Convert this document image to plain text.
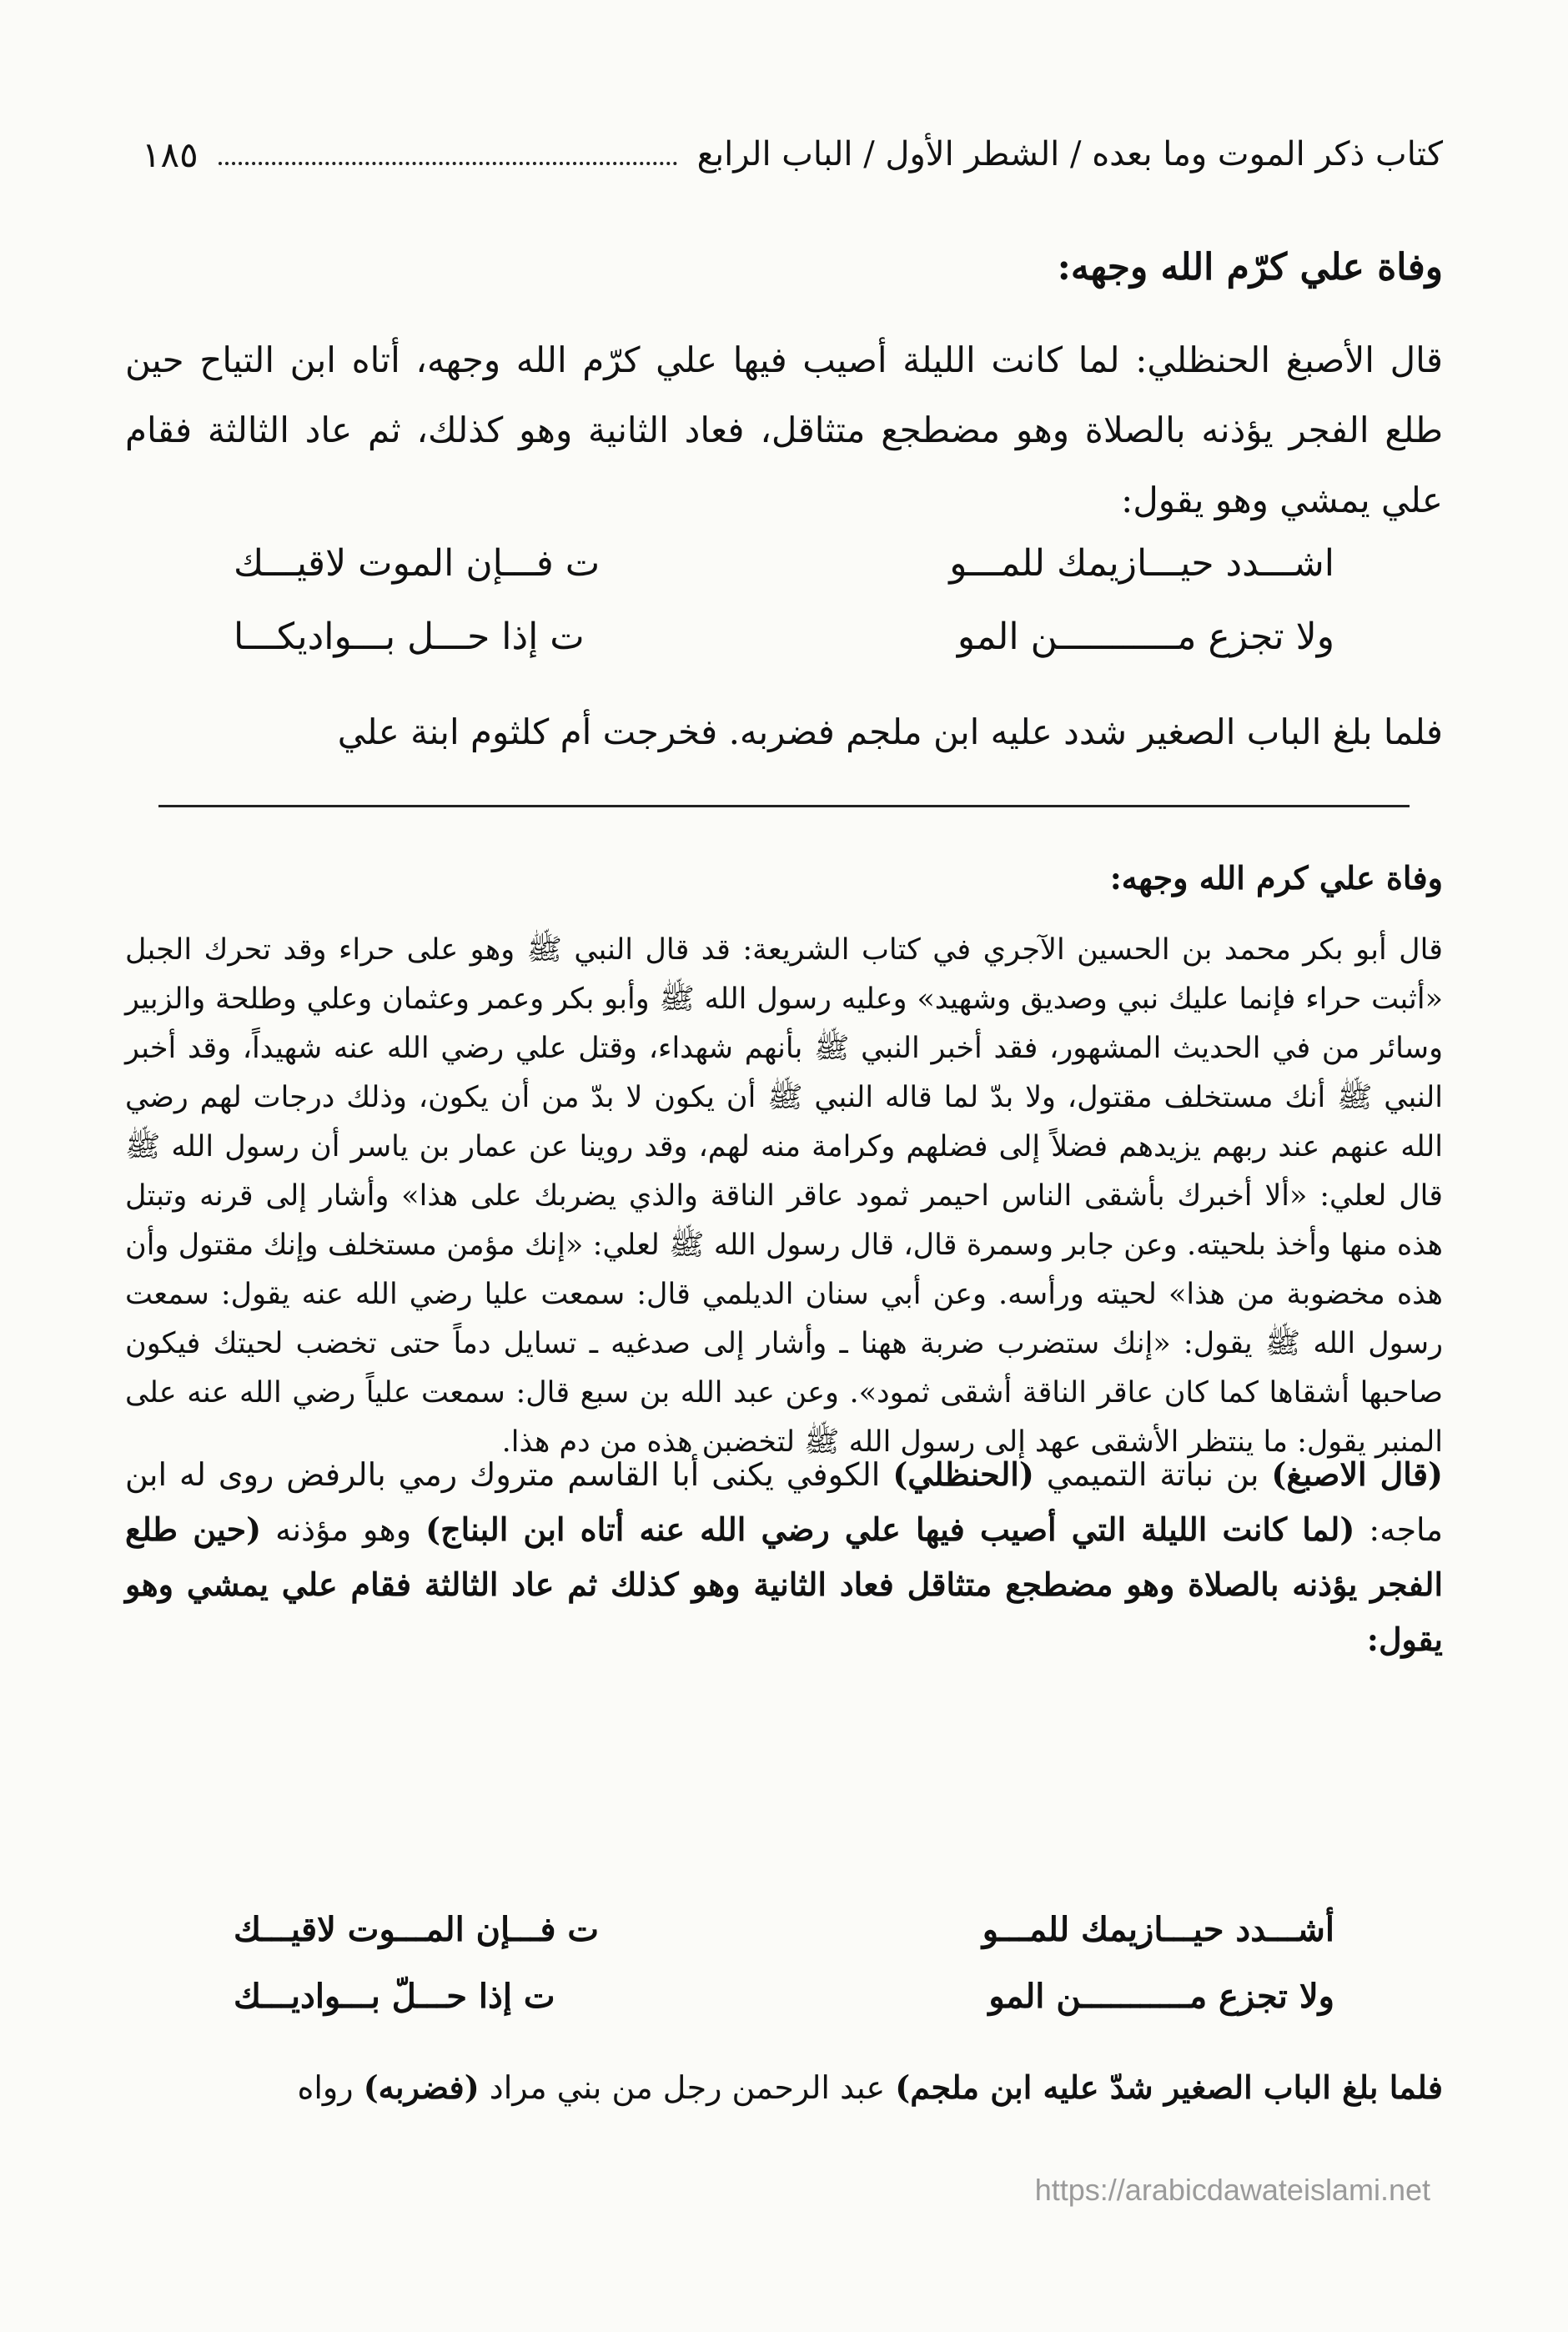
كتاب ذكر الموت وما بعده / الشطر الأول / الباب الرابع
١٨٥
وفاة علي كرّم الله وجهه:
قال الأصبغ الحنظلي: لما كانت الليلة أصيب فيها علي كرّم الله وجهه، أتاه ابن التياح حين طلع الفجر يؤذنه بالصلاة وهو مضطجع متثاقل، فعاد الثانية وهو كذلك، ثم عاد الثالثة فقام علي يمشي وهو يقول:
اشـــدد حيـــازيمك للمـــو
ت فـــإن الموت لاقيـــك
ولا تجزع مـــــــــــن المو
ت إذا حـــل بـــواديكـــا
فلما بلغ الباب الصغير شدد عليه ابن ملجم فضربه. فخرجت أم كلثوم ابنة علي
وفاة علي كرم الله وجهه:
قال أبو بكر محمد بن الحسين الآجري في كتاب الشريعة: قد قال النبي ﷺ وهو على حراء وقد تحرك الجبل «أثبت حراء فإنما عليك نبي وصديق وشهيد» وعليه رسول الله ﷺ وأبو بكر وعمر وعثمان وعلي وطلحة والزبير وسائر من في الحديث المشهور، فقد أخبر النبي ﷺ بأنهم شهداء، وقتل علي رضي الله عنه شهيداً، وقد أخبر النبي ﷺ أنك مستخلف مقتول، ولا بدّ لما قاله النبي ﷺ أن يكون لا بدّ من أن يكون، وذلك درجات لهم رضي الله عنهم عند ربهم يزيدهم فضلاً إلى فضلهم وكرامة منه لهم، وقد روينا عن عمار بن ياسر أن رسول الله ﷺ قال لعلي: «ألا أخبرك بأشقى الناس احيمر ثمود عاقر الناقة والذي يضربك على هذا» وأشار إلى قرنه وتبتل هذه منها وأخذ بلحيته. وعن جابر وسمرة قال، قال رسول الله ﷺ لعلي: «إنك مؤمن مستخلف وإنك مقتول وأن هذه مخضوبة من هذا» لحيته ورأسه. وعن أبي سنان الديلمي قال: سمعت عليا رضي الله عنه يقول: سمعت رسول الله ﷺ يقول: «إنك ستضرب ضربة ههنا ـ وأشار إلى صدغيه ـ تسايل دماً حتى تخضب لحيتك فيكون صاحبها أشقاها كما كان عاقر الناقة أشقى ثمود». وعن عبد الله بن سبع قال: سمعت علياً رضي الله عنه على المنبر يقول: ما ينتظر الأشقى عهد إلى رسول الله ﷺ لتخضبن هذه من دم هذا.
(قال الاصبغ) بن نباتة التميمي (الحنظلي) الكوفي يكنى أبا القاسم متروك رمي بالرفض روى له ابن ماجه: (لما كانت الليلة التي أصيب فيها علي رضي الله عنه أتاه ابن البناج) وهو مؤذنه (حين طلع الفجر يؤذنه بالصلاة وهو مضطجع متثاقل فعاد الثانية وهو كذلك ثم عاد الثالثة فقام علي يمشي وهو يقول:
أشـــدد حيـــازيمك للمـــو
ت فـــإن المـــوت لاقيـــك
ولا تجزع مـــــــــــن المو
ت إذا حـــلّ بـــواديـــك
فلما بلغ الباب الصغير شدّ عليه ابن ملجم) عبد الرحمن رجل من بني مراد (فضربه) رواه
https://arabicdawateislami.net
